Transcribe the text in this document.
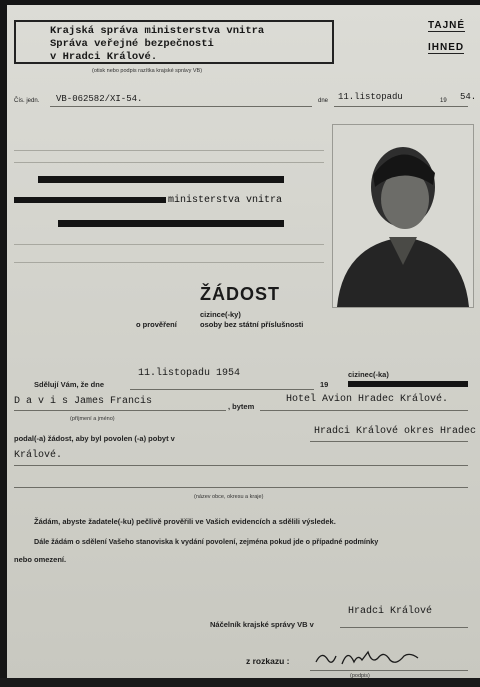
Krajská správa ministerstva vnitra
Správa veřejné bezpečnosti
v Hradci Králové.
(otisk nebo podpis razítka krajské správy VB)
TAJNÉ
IHNED
Čís. jedn. VB-062582/XI-54.	dne 11.listopadu	19 54.
ministerstva vnitra
ŽÁDOST
cizince(-ky)
o prověření	osoby bez státní příslušnosti
11.listopadu 1954
Sdělují Vám, že dne	19
cizinec(-ka)
D a v i s James Francis	, bytem
Hotel Avion Hradec Králové.
(příjmení a jméno)
podal(-a) žádost, aby byl povolen (-a) pobyt v
Hradci Králové okres Hradec
Králové.
(název obce, okresu a kraje)
Žádám, abyste žadatele(-ku) pečlivě prověřili ve Vašich evidencích a sdělili výsledek.
Dále žádám o sdělení Vašeho stanoviska k vydání povolení, zejména pokud jde o případné podmínky
nebo omezení.
Hradci Králové
Náčelník krajské správy VB v
z rozkazu :
(podpis)
